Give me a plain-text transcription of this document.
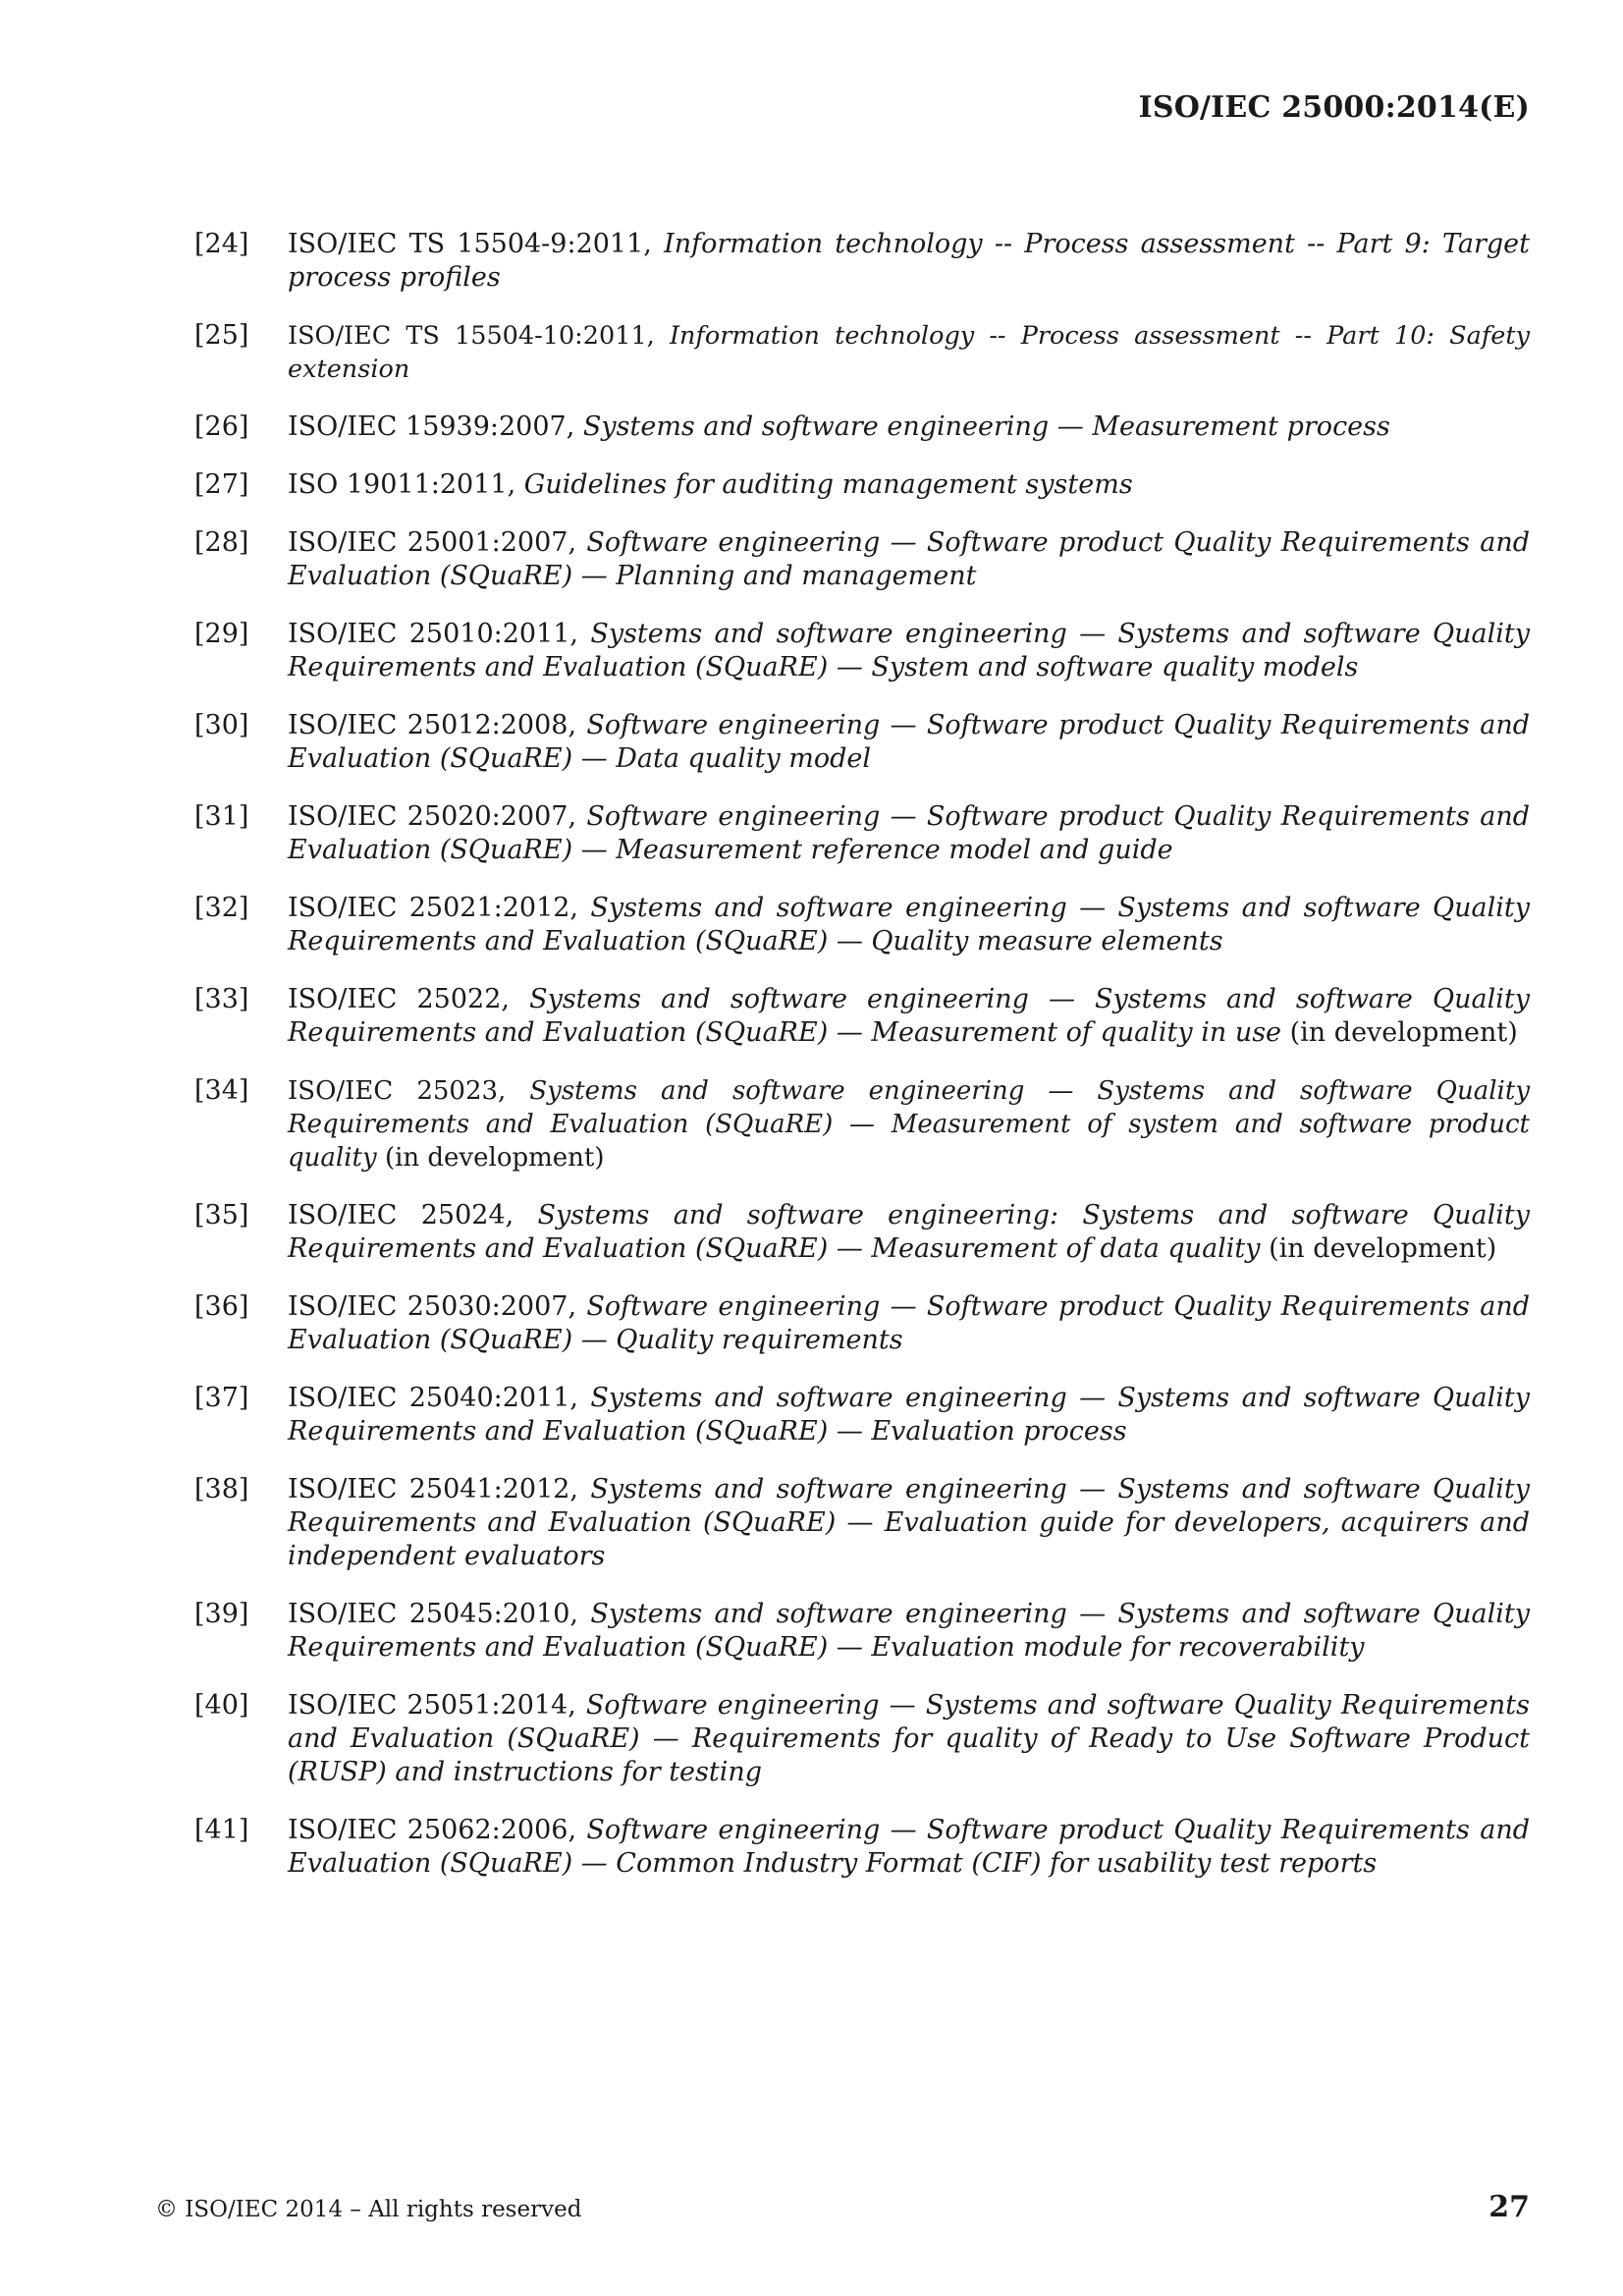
ISO/IEC 25000:2014(E)
[24]	ISO/IEC TS 15504-9:2011, Information technology -- Process assessment -- Part 9: Target process profiles
[25]	ISO/IEC TS 15504-10:2011, Information technology -- Process assessment -- Part 10: Safety extension
[26]	ISO/IEC 15939:2007, Systems and software engineering — Measurement process
[27]	ISO 19011:2011, Guidelines for auditing management systems
[28]	ISO/IEC 25001:2007, Software engineering — Software product Quality Requirements and Evaluation (SQuaRE) — Planning and management
[29]	ISO/IEC 25010:2011, Systems and software engineering — Systems and software Quality Requirements and Evaluation (SQuaRE) — System and software quality models
[30]	ISO/IEC 25012:2008, Software engineering — Software product Quality Requirements and Evaluation (SQuaRE) — Data quality model
[31]	ISO/IEC 25020:2007, Software engineering — Software product Quality Requirements and Evaluation (SQuaRE) — Measurement reference model and guide
[32]	ISO/IEC 25021:2012, Systems and software engineering — Systems and software Quality Requirements and Evaluation (SQuaRE) — Quality measure elements
[33]	ISO/IEC 25022, Systems and software engineering — Systems and software Quality Requirements and Evaluation (SQuaRE) — Measurement of quality in use (in development)
[34]	ISO/IEC 25023, Systems and software engineering — Systems and software Quality Requirements and Evaluation (SQuaRE) — Measurement of system and software product quality (in development)
[35]	ISO/IEC 25024, Systems and software engineering: Systems and software Quality Requirements and Evaluation (SQuaRE) — Measurement of data quality (in development)
[36]	ISO/IEC 25030:2007, Software engineering — Software product Quality Requirements and Evaluation (SQuaRE) — Quality requirements
[37]	ISO/IEC 25040:2011, Systems and software engineering — Systems and software Quality Requirements and Evaluation (SQuaRE) — Evaluation process
[38]	ISO/IEC 25041:2012, Systems and software engineering — Systems and software Quality Requirements and Evaluation (SQuaRE) — Evaluation guide for developers, acquirers and independent evaluators
[39]	ISO/IEC 25045:2010, Systems and software engineering — Systems and software Quality Requirements and Evaluation (SQuaRE) — Evaluation module for recoverability
[40]	ISO/IEC 25051:2014, Software engineering — Systems and software Quality Requirements and Evaluation (SQuaRE) — Requirements for quality of Ready to Use Software Product (RUSP) and instructions for testing
[41]	ISO/IEC 25062:2006, Software engineering — Software product Quality Requirements and Evaluation (SQuaRE) — Common Industry Format (CIF) for usability test reports
© ISO/IEC 2014 – All rights reserved	27
